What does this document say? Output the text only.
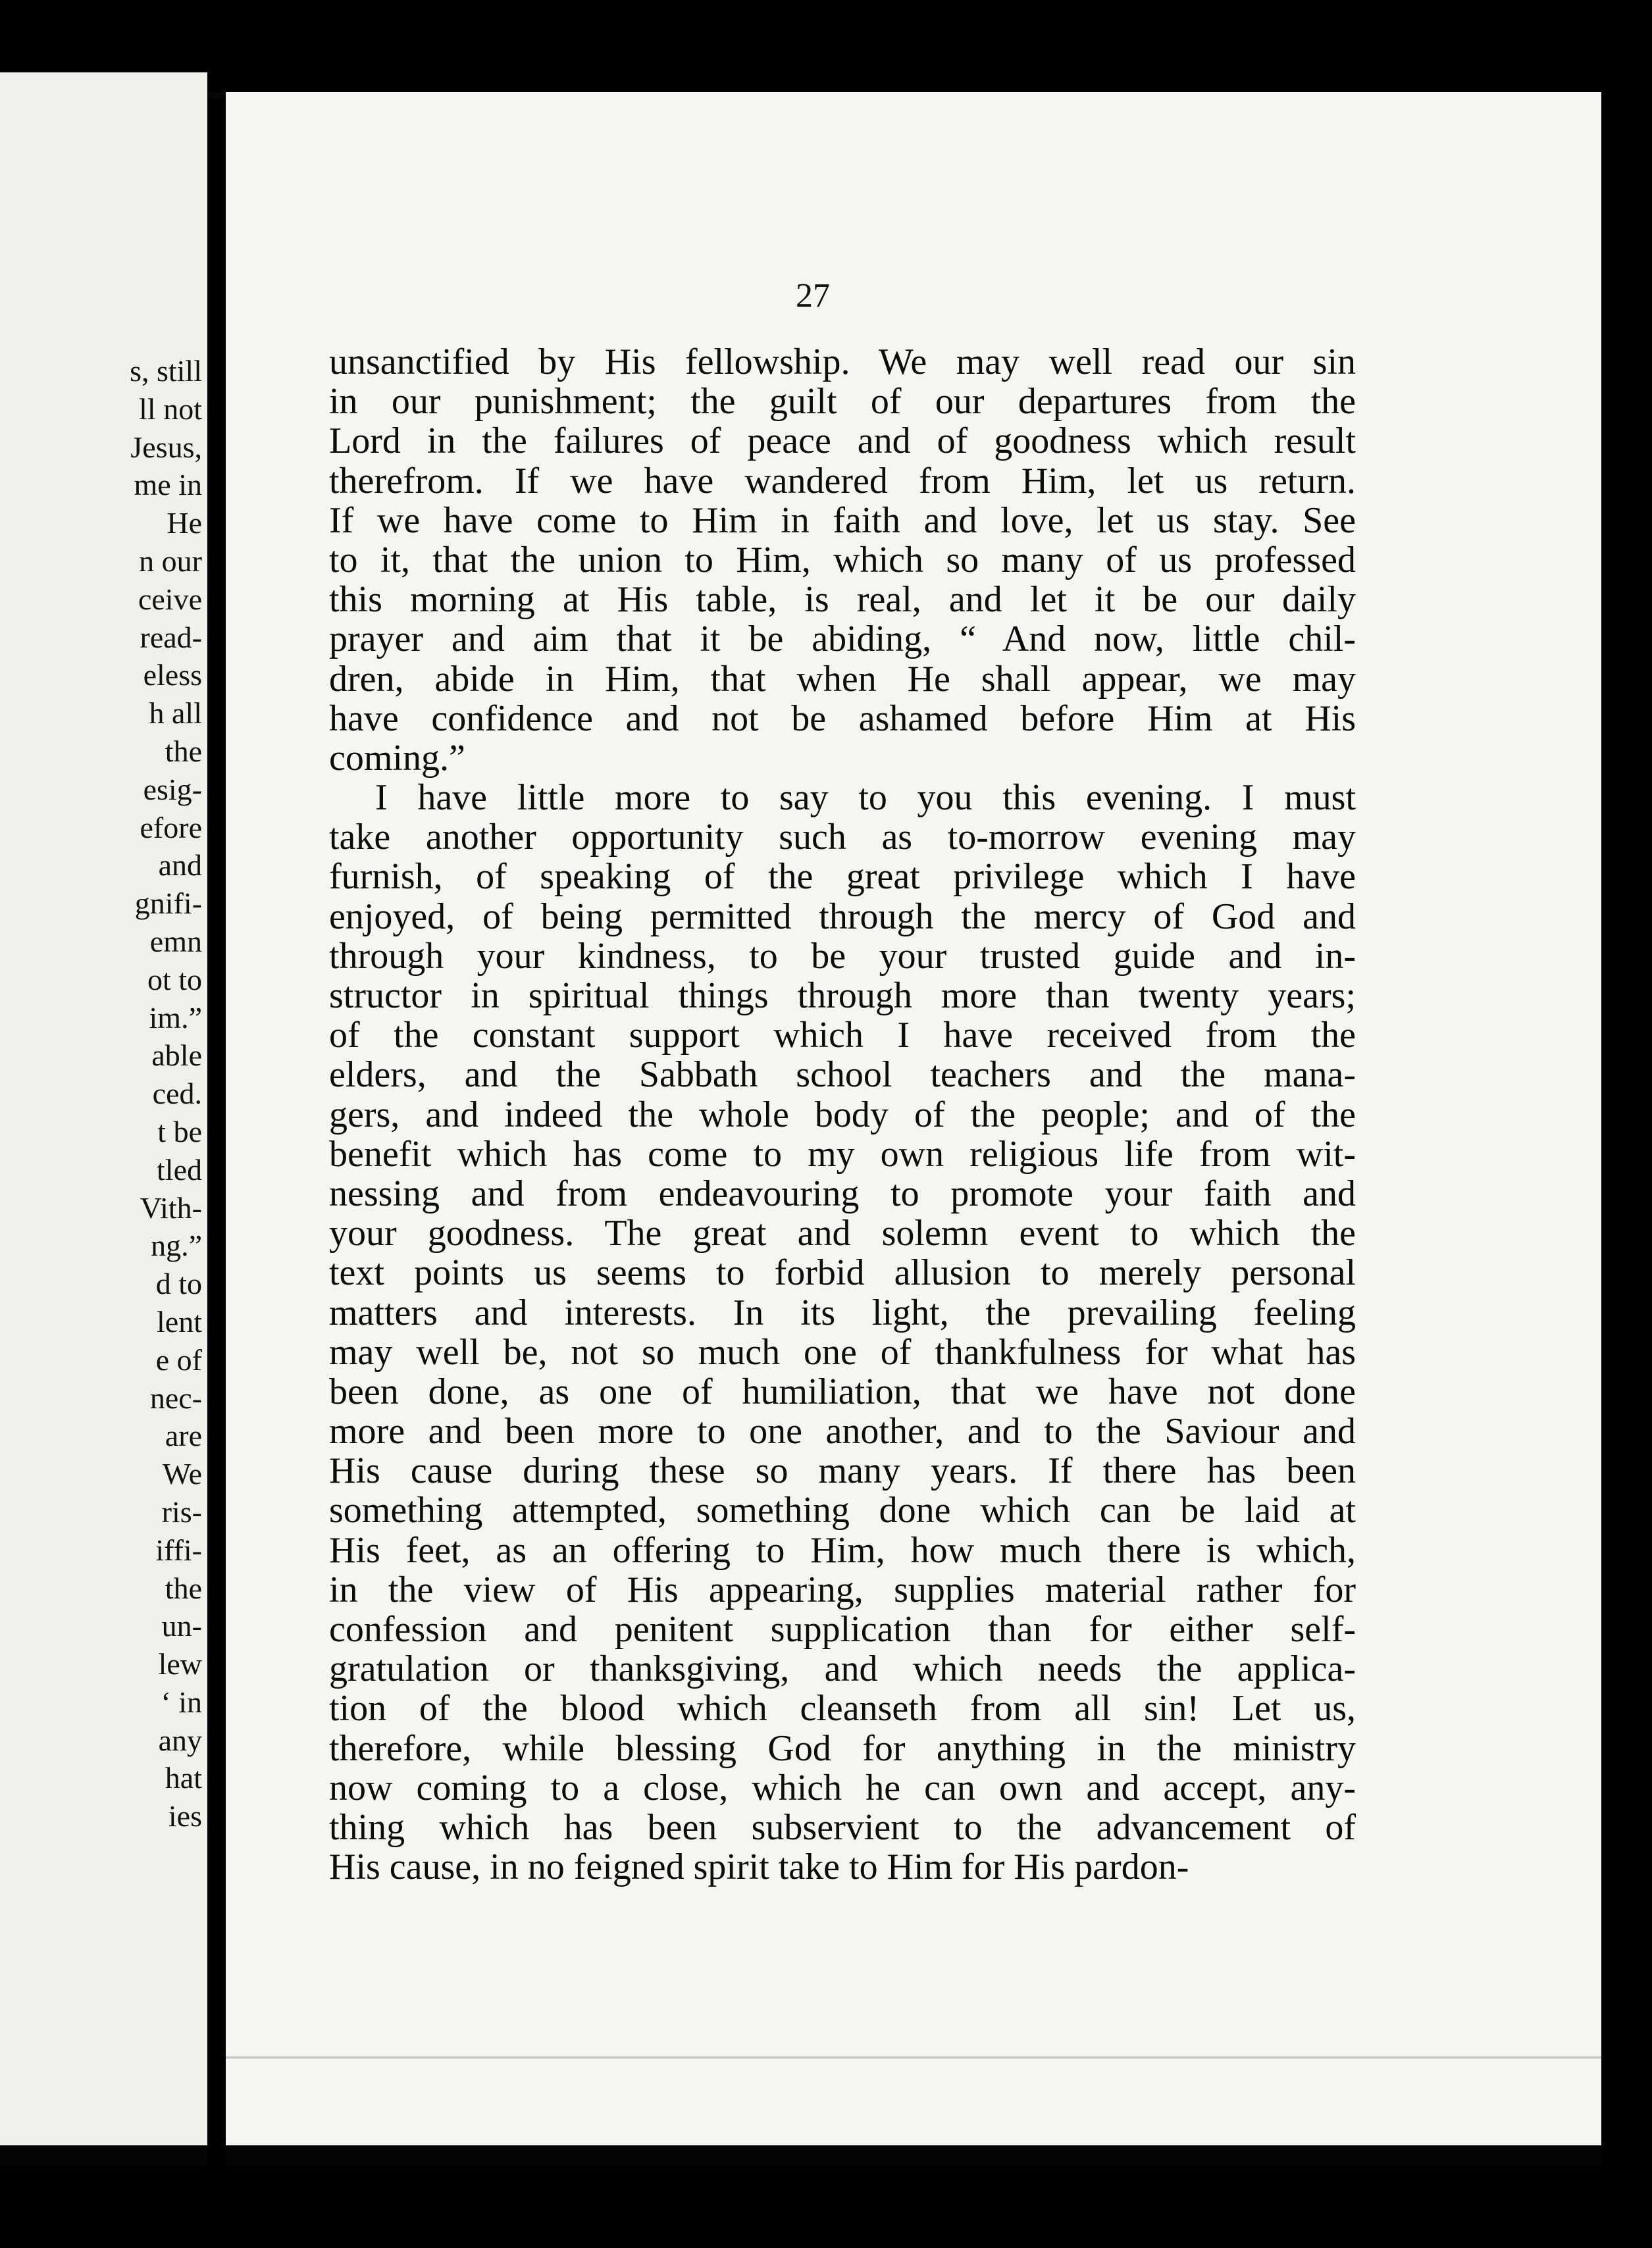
s, still
ll not
Jesus,
me in
He
n our
ceive
read-
eless
h all
the
esig-
efore
and
gnifi-
emn
ot to
im.”
able
ced.
t be
tled
Vith-
ng.”
d to
lent
e of
nec-
are
We
ris-
iffi-
the
un-
lew
‘ in
any
hat
ies
27
unsanctified by His fellowship. We may well read our sin
in our punishment; the guilt of our departures from the
Lord in the failures of peace and of goodness which result
therefrom. If we have wandered from Him, let us return.
If we have come to Him in faith and love, let us stay. See
to it, that the union to Him, which so many of us professed
this morning at His table, is real, and let it be our daily
prayer and aim that it be abiding, “ And now, little chil-
dren, abide in Him, that when He shall appear, we may
have confidence and not be ashamed before Him at His
coming.”
I have little more to say to you this evening. I must
take another opportunity such as to-morrow evening may
furnish, of speaking of the great privilege which I have
enjoyed, of being permitted through the mercy of God and
through your kindness, to be your trusted guide and in-
structor in spiritual things through more than twenty years;
of the constant support which I have received from the
elders, and the Sabbath school teachers and the mana-
gers, and indeed the whole body of the people; and of the
benefit which has come to my own religious life from wit-
nessing and from endeavouring to promote your faith and
your goodness. The great and solemn event to which the
text points us seems to forbid allusion to merely personal
matters and interests. In its light, the prevailing feeling
may well be, not so much one of thankfulness for what has
been done, as one of humiliation, that we have not done
more and been more to one another, and to the Saviour and
His cause during these so many years. If there has been
something attempted, something done which can be laid at
His feet, as an offering to Him, how much there is which,
in the view of His appearing, supplies material rather for
confession and penitent supplication than for either self-
gratulation or thanksgiving, and which needs the applica-
tion of the blood which cleanseth from all sin! Let us,
therefore, while blessing God for anything in the ministry
now coming to a close, which he can own and accept, any-
thing which has been subservient to the advancement of
His cause, in no feigned spirit take to Him for His pardon-
